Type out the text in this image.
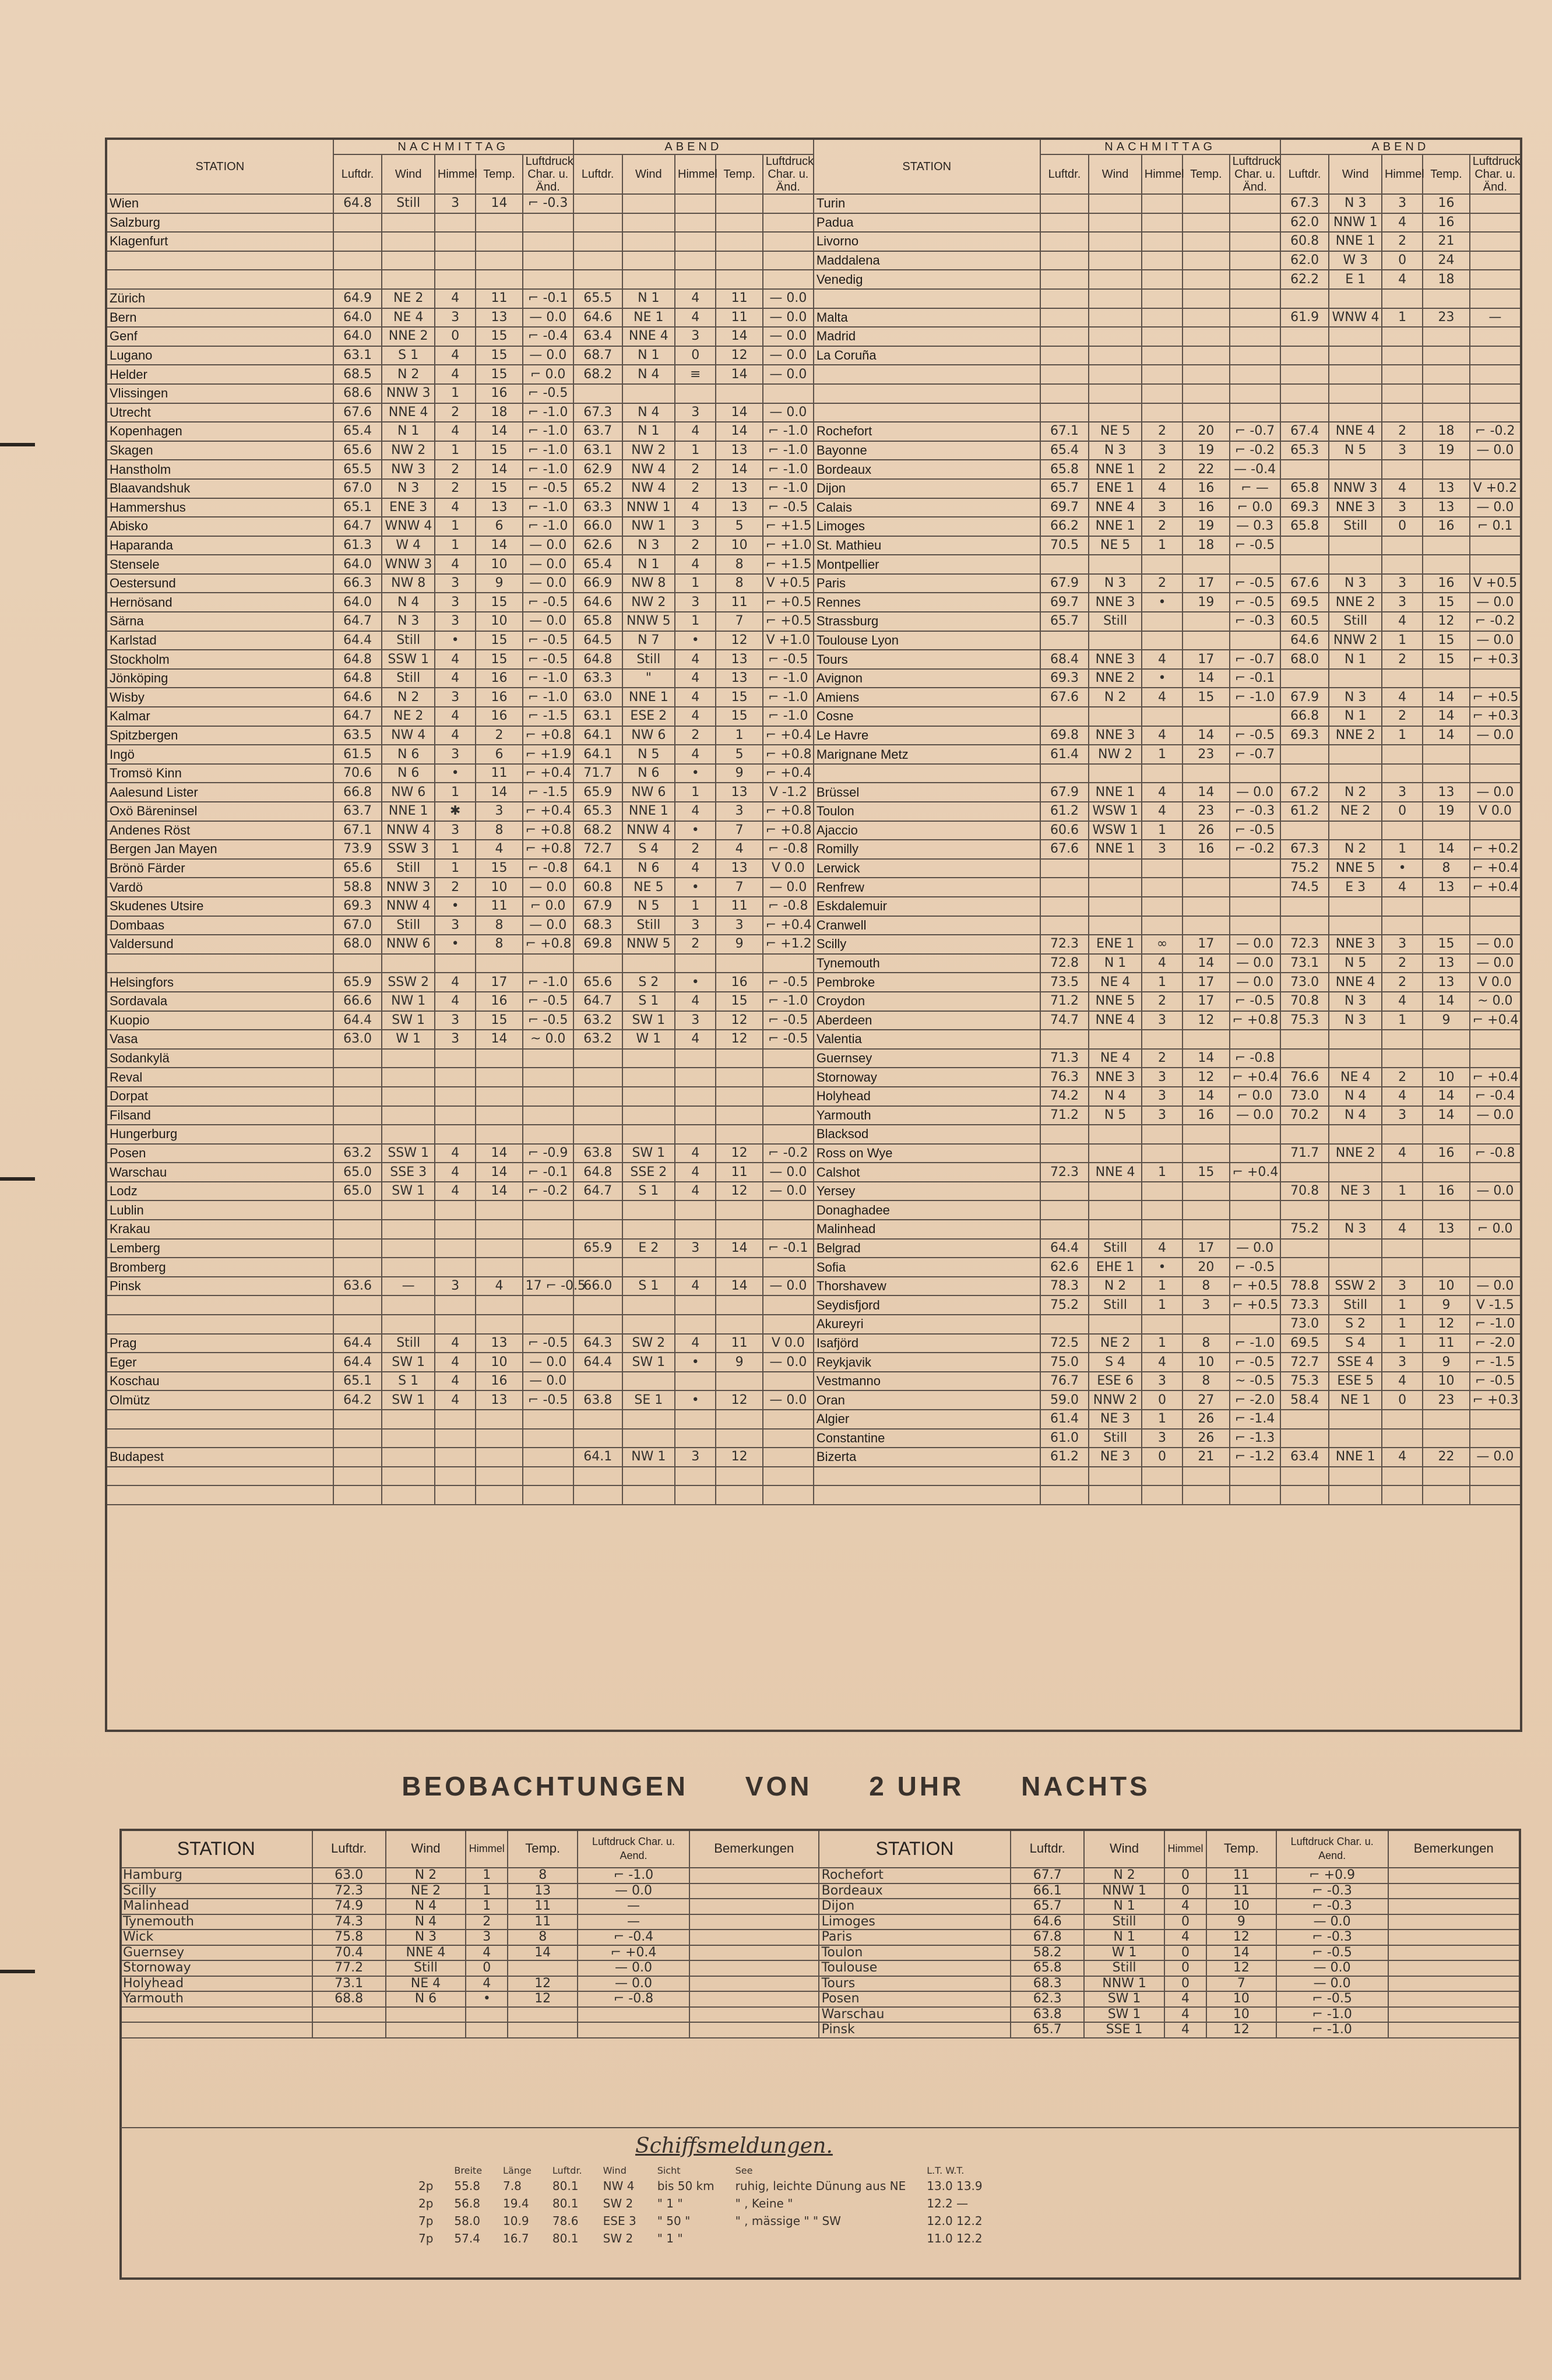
STATION	NACHMITTAG					ABEND					STATION	NACHMITTAG					ABEND				
	Luftdr.	Wind	Himmel	Temp.	Luftdruck Char. u. Änd.	Luftdr.	Wind	Himmel	Temp.	Luftdruck Char. u. Änd.		Luftdr.	Wind	Himmel	Temp.	Luftdruck Char. u. Änd.	Luftdr.	Wind	Himmel	Temp.	Luftdruck Char. u. Änd.
Wien	64.8	Still	3	14	⌐ -0.3						Turin						67.3	N 3	3	16	
Salzburg											Padua						62.0	NNW 1	4	16	
Klagenfurt											Livorno						60.8	NNE 1	2	21	
											Maddalena						62.0	W 3	0	24	
											Venedig						62.2	E 1	4	18	
Zürich	64.9	NE 2	4	11	⌐ -0.1	65.5	N 1	4	11	— 0.0											
Bern	64.0	NE 4	3	13	— 0.0	64.6	NE 1	4	11	— 0.0	Malta						61.9	WNW 4	1	23	—
Genf	64.0	NNE 2	0	15	⌐ -0.4	63.4	NNE 4	3	14	— 0.0	Madrid										
Lugano	63.1	S 1	4	15	— 0.0	68.7	N 1	0	12	— 0.0	La Coruña										
Helder	68.5	N 2	4	15	⌐ 0.0	68.2	N 4	≡	14	— 0.0											
Vlissingen	68.6	NNW 3	1	16	⌐ -0.5																
Utrecht	67.6	NNE 4	2	18	⌐ -1.0	67.3	N 4	3	14	— 0.0											
Kopenhagen	65.4	N 1	4	14	⌐ -1.0	63.7	N 1	4	14	⌐ -1.0	Rochefort	67.1	NE 5	2	20	⌐ -0.7	67.4	NNE 4	2	18	⌐ -0.2
Skagen	65.6	NW 2	1	15	⌐ -1.0	63.1	NW 2	1	13	⌐ -1.0	Bayonne	65.4	N 3	3	19	⌐ -0.2	65.3	N 5	3	19	— 0.0
Hanstholm	65.5	NW 3	2	14	⌐ -1.0	62.9	NW 4	2	14	⌐ -1.0	Bordeaux	65.8	NNE 1	2	22	— -0.4					
Blaavandshuk	67.0	N 3	2	15	⌐ -0.5	65.2	NW 4	2	13	⌐ -1.0	Dijon	65.7	ENE 1	4	16	⌐ —	65.8	NNW 3	4	13	V +0.2
Hammershus	65.1	ENE 3	4	13	⌐ -1.0	63.3	NNW 1	4	13	⌐ -0.5	Calais	69.7	NNE 4	3	16	⌐ 0.0	69.3	NNE 3	3	13	— 0.0
Abisko	64.7	WNW 4	1	6	⌐ -1.0	66.0	NW 1	3	5	⌐ +1.5	Limoges	66.2	NNE 1	2	19	— 0.3	65.8	Still	0	16	⌐ 0.1
Haparanda	61.3	W 4	1	14	— 0.0	62.6	N 3	2	10	⌐ +1.0	St. Mathieu	70.5	NE 5	1	18	⌐ -0.5					
Stensele	64.0	WNW 3	4	10	— 0.0	65.4	N 1	4	8	⌐ +1.5	Montpellier										
Oestersund	66.3	NW 8	3	9	— 0.0	66.9	NW 8	1	8	V +0.5	Paris	67.9	N 3	2	17	⌐ -0.5	67.6	N 3	3	16	V +0.5
Hernösand	64.0	N 4	3	15	⌐ -0.5	64.6	NW 2	3	11	⌐ +0.5	Rennes	69.7	NNE 3	•	19	⌐ -0.5	69.5	NNE 2	3	15	— 0.0
Särna	64.7	N 3	3	10	— 0.0	65.8	NNW 5	1	7	⌐ +0.5	Strassburg	65.7	Still			⌐ -0.3	60.5	Still	4	12	⌐ -0.2
Karlstad	64.4	Still	•	15	⌐ -0.5	64.5	N 7	•	12	V +1.0	Toulouse Lyon						64.6	NNW 2	1	15	— 0.0
Stockholm	64.8	SSW 1	4	15	⌐ -0.5	64.8	Still	4	13	⌐ -0.5	Tours	68.4	NNE 3	4	17	⌐ -0.7	68.0	N 1	2	15	⌐ +0.3
Jönköping	64.8	Still	4	16	⌐ -1.0	63.3	"	4	13	⌐ -1.0	Avignon	69.3	NNE 2	•	14	⌐ -0.1					
Wisby	64.6	N 2	3	16	⌐ -1.0	63.0	NNE 1	4	15	⌐ -1.0	Amiens	67.6	N 2	4	15	⌐ -1.0	67.9	N 3	4	14	⌐ +0.5
Kalmar	64.7	NE 2	4	16	⌐ -1.5	63.1	ESE 2	4	15	⌐ -1.0	Cosne						66.8	N 1	2	14	⌐ +0.3
Spitzbergen	63.5	NW 4	4	2	⌐ +0.8	64.1	NW 6	2	1	⌐ +0.4	Le Havre	69.8	NNE 3	4	14	⌐ -0.5	69.3	NNE 2	1	14	— 0.0
Ingö	61.5	N 6	3	6	⌐ +1.9	64.1	N 5	4	5	⌐ +0.8	Marignane Metz	61.4	NW 2	1	23	⌐ -0.7					
Tromsö Kinn	70.6	N 6	•	11	⌐ +0.4	71.7	N 6	•	9	⌐ +0.4											
Aalesund Lister	66.8	NW 6	1	14	⌐ -1.5	65.9	NW 6	1	13	V -1.2	Brüssel	67.9	NNE 1	4	14	— 0.0	67.2	N 2	3	13	— 0.0
Oxö Bäreninsel	63.7	NNE 1	✱	3	⌐ +0.4	65.3	NNE 1	4	3	⌐ +0.8	Toulon	61.2	WSW 1	4	23	⌐ -0.3	61.2	NE 2	0	19	V 0.0
Andenes Röst	67.1	NNW 4	3	8	⌐ +0.8	68.2	NNW 4	•	7	⌐ +0.8	Ajaccio	60.6	WSW 1	1	26	⌐ -0.5					
Bergen Jan Mayen	73.9	SSW 3	1	4	⌐ +0.8	72.7	S 4	2	4	⌐ -0.8	Romilly	67.6	NNE 1	3	16	⌐ -0.2	67.3	N 2	1	14	⌐ +0.2
Brönö Färder	65.6	Still	1	15	⌐ -0.8	64.1	N 6	4	13	V 0.0	Lerwick						75.2	NNE 5	•	8	⌐ +0.4
Vardö	58.8	NNW 3	2	10	— 0.0	60.8	NE 5	•	7	— 0.0	Renfrew						74.5	E 3	4	13	⌐ +0.4
Skudenes Utsire	69.3	NNW 4	•	11	⌐ 0.0	67.9	N 5	1	11	⌐ -0.8	Eskdalemuir										
Dombaas	67.0	Still	3	8	— 0.0	68.3	Still	3	3	⌐ +0.4	Cranwell										
Valdersund	68.0	NNW 6	•	8	⌐ +0.8	69.8	NNW 5	2	9	⌐ +1.2	Scilly	72.3	ENE 1	∞	17	— 0.0	72.3	NNE 3	3	15	— 0.0
											Tynemouth	72.8	N 1	4	14	— 0.0	73.1	N 5	2	13	— 0.0
Helsingfors	65.9	SSW 2	4	17	⌐ -1.0	65.6	S 2	•	16	⌐ -0.5	Pembroke	73.5	NE 4	1	17	— 0.0	73.0	NNE 4	2	13	V 0.0
Sordavala	66.6	NW 1	4	16	⌐ -0.5	64.7	S 1	4	15	⌐ -1.0	Croydon	71.2	NNE 5	2	17	⌐ -0.5	70.8	N 3	4	14	~ 0.0
Kuopio	64.4	SW 1	3	15	⌐ -0.5	63.2	SW 1	3	12	⌐ -0.5	Aberdeen	74.7	NNE 4	3	12	⌐ +0.8	75.3	N 3	1	9	⌐ +0.4
Vasa	63.0	W 1	3	14	~ 0.0	63.2	W 1	4	12	⌐ -0.5	Valentia										
Sodankylä											Guernsey	71.3	NE 4	2	14	⌐ -0.8					
Reval											Stornoway	76.3	NNE 3	3	12	⌐ +0.4	76.6	NE 4	2	10	⌐ +0.4
Dorpat											Holyhead	74.2	N 4	3	14	⌐ 0.0	73.0	N 4	4	14	⌐ -0.4
Filsand											Yarmouth	71.2	N 5	3	16	— 0.0	70.2	N 4	3	14	— 0.0
Hungerburg											Blacksod										
Posen	63.2	SSW 1	4	14	⌐ -0.9	63.8	SW 1	4	12	⌐ -0.2	Ross on Wye						71.7	NNE 2	4	16	⌐ -0.8
Warschau	65.0	SSE 3	4	14	⌐ -0.1	64.8	SSE 2	4	11	— 0.0	Calshot	72.3	NNE 4	1	15	⌐ +0.4					
Lodz	65.0	SW 1	4	14	⌐ -0.2	64.7	S 1	4	12	— 0.0	Yersey						70.8	NE 3	1	16	— 0.0
Lublin											Donaghadee										
Krakau											Malinhead						75.2	N 3	4	13	⌐ 0.0
Lemberg						65.9	E 2	3	14	⌐ -0.1	Belgrad	64.4	Still	4	17	— 0.0					
Bromberg											Sofia	62.6	EHE 1	•	20	⌐ -0.5					
Pinsk	63.6	—	3	4	17 ⌐ -0.5	66.0	S 1	4	14	— 0.0	Thorshavew	78.3	N 2	1	8	⌐ +0.5	78.8	SSW 2	3	10	— 0.0
											Seydisfjord	75.2	Still	1	3	⌐ +0.5	73.3	Still	1	9	V -1.5
											Akureyri						73.0	S 2	1	12	⌐ -1.0
Prag	64.4	Still	4	13	⌐ -0.5	64.3	SW 2	4	11	V 0.0	Isafjörd	72.5	NE 2	1	8	⌐ -1.0	69.5	S 4	1	11	⌐ -2.0
Eger	64.4	SW 1	4	10	— 0.0	64.4	SW 1	•	9	— 0.0	Reykjavik	75.0	S 4	4	10	⌐ -0.5	72.7	SSE 4	3	9	⌐ -1.5
Koschau	65.1	S 1	4	16	— 0.0						Vestmanno	76.7	ESE 6	3	8	~ -0.5	75.3	ESE 5	4	10	⌐ -0.5
Olmütz	64.2	SW 1	4	13	⌐ -0.5	63.8	SE 1	•	12	— 0.0	Oran	59.0	NNW 2	0	27	⌐ -2.0	58.4	NE 1	0	23	⌐ +0.3
											Algier	61.4	NE 3	1	26	⌐ -1.4					
											Constantine	61.0	Still	3	26	⌐ -1.3					
Budapest						64.1	NW 1	3	12		Bizerta	61.2	NE 3	0	21	⌐ -1.2	63.4	NNE 1	4	22	— 0.0

BEOBACHTUNGEN VON 2 UHR NACHTS
STATION	Luftdr.	Wind	Himmel	Temp.	Luftdruck Char. u. Aend.	Bemerkungen	STATION	Luftdr.	Wind	Himmel	Temp.	Luftdruck Char. u. Aend.	Bemerkungen
Hamburg	63.0	N 2	1	8	⌐ -1.0		Rochefort	67.7	N 2	0	11	⌐ +0.9	
Scilly	72.3	NE 2	1	13	— 0.0		Bordeaux	66.1	NNW 1	0	11	⌐ -0.3	
Malinhead	74.9	N 4	1	11	—		Dijon	65.7	N 1	4	10	⌐ -0.3	
Tynemouth	74.3	N 4	2	11	—		Limoges	64.6	Still	0	9	— 0.0	
Wick	75.8	N 3	3	8	⌐ -0.4		Paris	67.8	N 1	4	12	⌐ -0.3	
Guernsey	70.4	NNE 4	4	14	⌐ +0.4		Toulon	58.2	W 1	0	14	⌐ -0.5	
Stornoway	77.2	Still	0		— 0.0		Toulouse	65.8	Still	0	12	— 0.0	
Holyhead	73.1	NE 4	4	12	— 0.0		Tours	68.3	NNW 1	0	7	— 0.0	
Yarmouth	68.8	N 6	•	12	⌐ -0.8		Posen	62.3	SW 1	4	10	⌐ -0.5	
							Warschau	63.8	SW 1	4	10	⌐ -1.0	
							Pinsk	65.7	SSE 1	4	12	⌐ -1.0	
Schiffsmeldungen.
	Breite	Länge	Luftdr.	Wind	Sicht	See	L.T. W.T.
2p	55.8	7.8	80.1	NW 4	bis 50 km	ruhig, leichte Dünung aus NE	13.0 13.9
2p	56.8	19.4	80.1	SW 2	" 1 "	" , Keine "	12.2 —
7p	58.0	10.9	78.6	ESE 3	" 50 "	" , mässige " " SW	12.0 12.2
7p	57.4	16.7	80.1	SW 2	" 1 "		11.0 12.2
